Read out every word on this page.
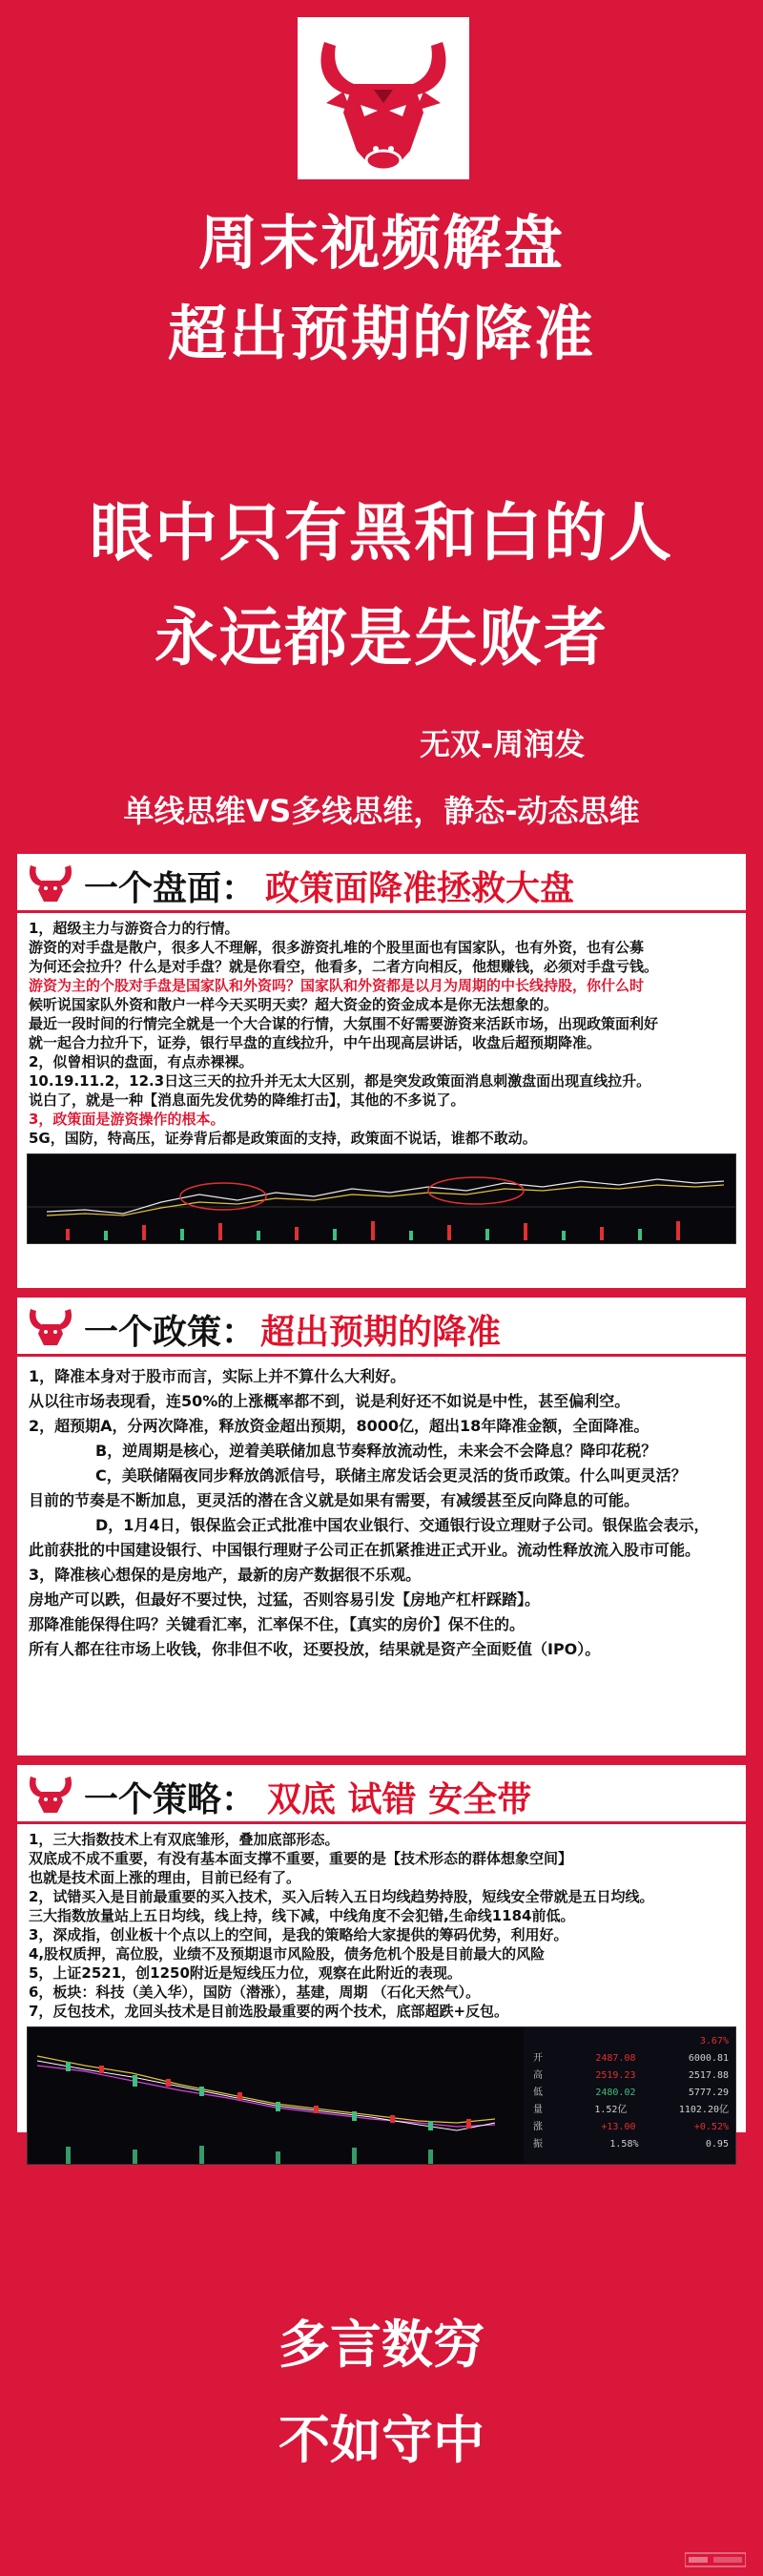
周末视频解盘
超出预期的降准
眼中只有黑和白的人
永远都是失败者
无双-周润发
单线思维VS多线思维，静态-动态思维
一个盘面： 政策面降准拯救大盘

1，超级主力与游资合力的行情。

游资的对手盘是散户，很多人不理解，很多游资扎堆的个股里面也有国家队，也有外资，也有公募

为何还会拉升？什么是对手盘？就是你看空，他看多，二者方向相反，他想赚钱，必须对手盘亏钱。

游资为主的个股对手盘是国家队和外资吗？国家队和外资都是以月为周期的中长线持股，你什么时

候听说国家队外资和散户一样今天买明天卖？超大资金的资金成本是你无法想象的。

最近一段时间的行情完全就是一个大合谋的行情，大氛围不好需要游资来活跃市场，出现政策面利好

就一起合力拉升下，证券，银行早盘的直线拉升，中午出现高层讲话，收盘后超预期降准。

2，似曾相识的盘面，有点赤裸裸。

10.19.11.2，12.3日这三天的拉升并无太大区别，都是突发政策面消息刺激盘面出现直线拉升。

说白了，就是一种【消息面先发优势的降维打击】，其他的不多说了。

3，政策面是游资操作的根本。

5G，国防，特高压，证券背后都是政策面的支持，政策面不说话，谁都不敢动。

一个政策： 超出预期的降准

1，降准本身对于股市而言，实际上并不算什么大利好。

从以往市场表现看，连50%的上涨概率都不到，说是利好还不如说是中性，甚至偏利空。

2，超预期A，分两次降准，释放资金超出预期，8000亿，超出18年降准金额，全面降准。

B，逆周期是核心，逆着美联储加息节奏释放流动性，未来会不会降息？降印花税？

C，美联储隔夜同步释放鸽派信号，联储主席发话会更灵活的货币政策。什么叫更灵活？

目前的节奏是不断加息，更灵活的潜在含义就是如果有需要，有减缓甚至反向降息的可能。

D，1月4日，银保监会正式批准中国农业银行、交通银行设立理财子公司。银保监会表示，

此前获批的中国建设银行、中国银行理财子公司正在抓紧推进正式开业。流动性释放流入股市可能。

3，降准核心想保的是房地产，最新的房产数据很不乐观。

房地产可以跌，但最好不要过快，过猛，否则容易引发【房地产杠杆踩踏】。

那降准能保得住吗？关键看汇率，汇率保不住，【真实的房价】保不住的。

所有人都在往市场上收钱，你非但不收，还要投放，结果就是资产全面贬值（IPO）。

一个策略： 双底 试错 安全带

1，三大指数技术上有双底雏形，叠加底部形态。

双底成不成不重要，有没有基本面支撑不重要，重要的是【技术形态的群体想象空间】

也就是技术面上涨的理由，目前已经有了。

2，试错买入是目前最重要的买入技术，买入后转入五日均线趋势持股，短线安全带就是五日均线。

三大指数放量站上五日均线，线上持，线下减，中线角度不会犯错,生命线1184前低。

3，深成指，创业板十个点以上的空间，是我的策略给大家提供的筹码优势，利用好。

4,股权质押，高位股，业绩不及预期退市风险股，债务危机个股是目前最大的风险

5，上证2521，创1250附近是短线压力位，观察在此附近的表现。

6，板块：科技（美入华），国防（潜涨），基建，周期 （石化天然气）。

7，反包技术，龙回头技术是目前选股最重要的两个技术，底部超跌+反包。

3.67%
开	2487.08	6000.81
高	2519.23	2517.88
低	2480.02	5777.29
量	1.52亿	1102.20亿
涨	+13.00	+0.52%
振	1.58%	0.95
多言数穷
不如守中
